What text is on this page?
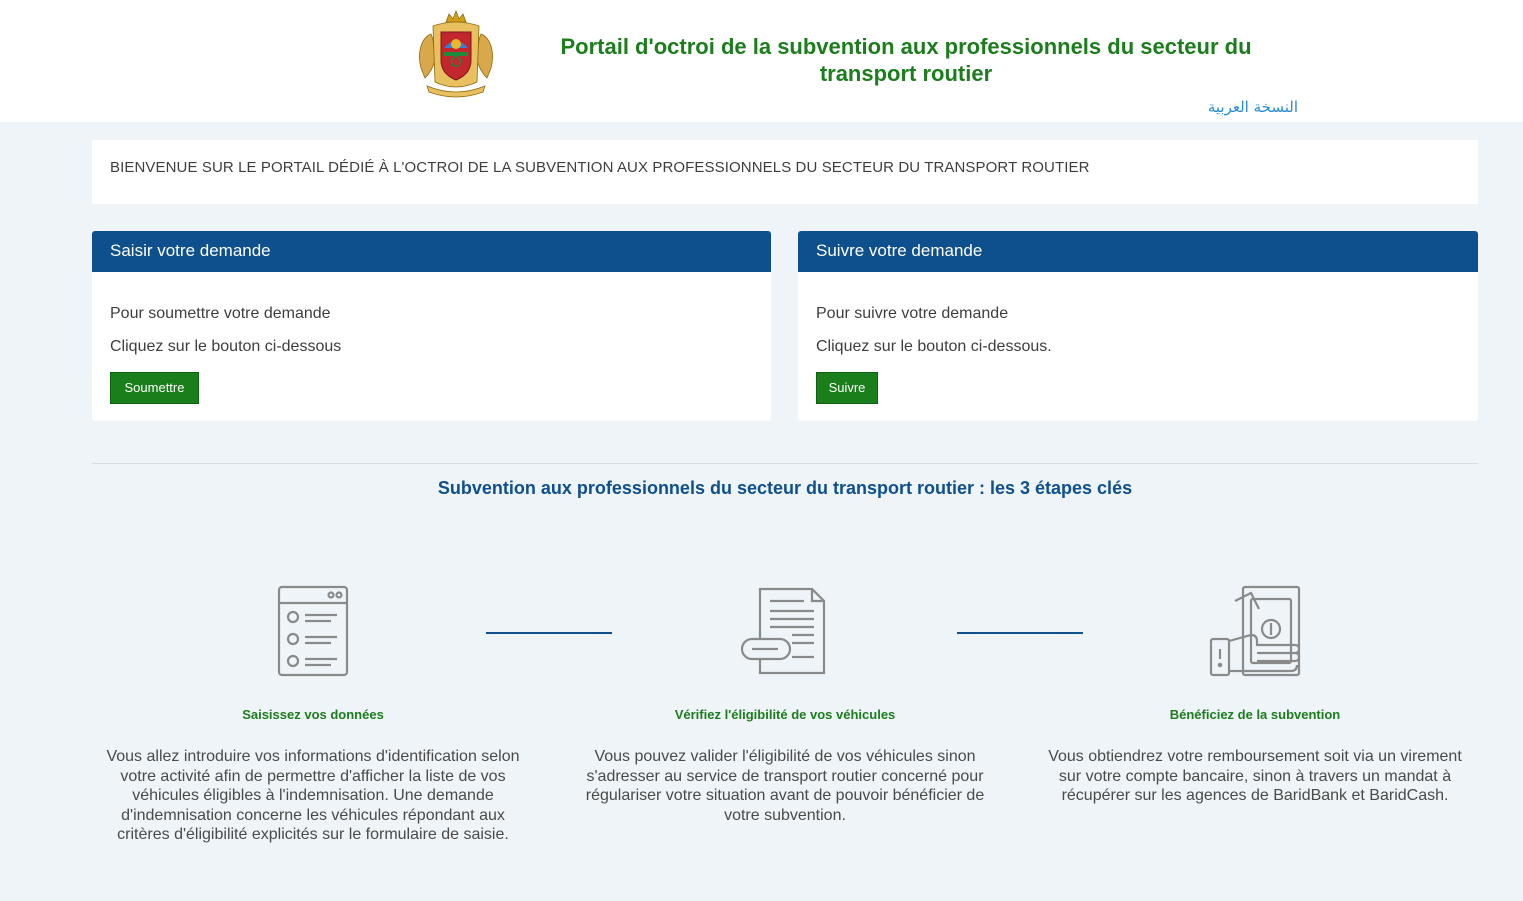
Portail d'octroi de la subvention aux professionnels du secteur du transport routier
النسخة العربية
BIENVENUE SUR LE PORTAIL DÉDIÉ À L'OCTROI DE LA SUBVENTION AUX PROFESSIONNELS DU SECTEUR DU TRANSPORT ROUTIER
Saisir votre demande
Pour soumettre votre demande
Cliquez sur le bouton ci-dessous
Soumettre
Suivre votre demande
Pour suivre votre demande
Cliquez sur le bouton ci-dessous.
Suivre
Subvention aux professionnels du secteur du transport routier : les 3 étapes clés
Saisissez vos données	Vérifiez l'éligibilité de vos véhicules	Bénéficiez de la subvention
Vous allez introduire vos informations d'identification selon votre activité afin de permettre d'afficher la liste de vos véhicules éligibles à l'indemnisation. Une demande d'indemnisation concerne les véhicules répondant aux critères d'éligibilité explicités sur le formulaire de saisie.
Vous pouvez valider l'éligibilité de vos véhicules sinon s'adresser au service de transport routier concerné pour régulariser votre situation avant de pouvoir bénéficier de votre subvention.
Vous obtiendrez votre remboursement soit via un virement sur votre compte bancaire, sinon à travers un mandat à récupérer sur les agences de BaridBank et BaridCash.
